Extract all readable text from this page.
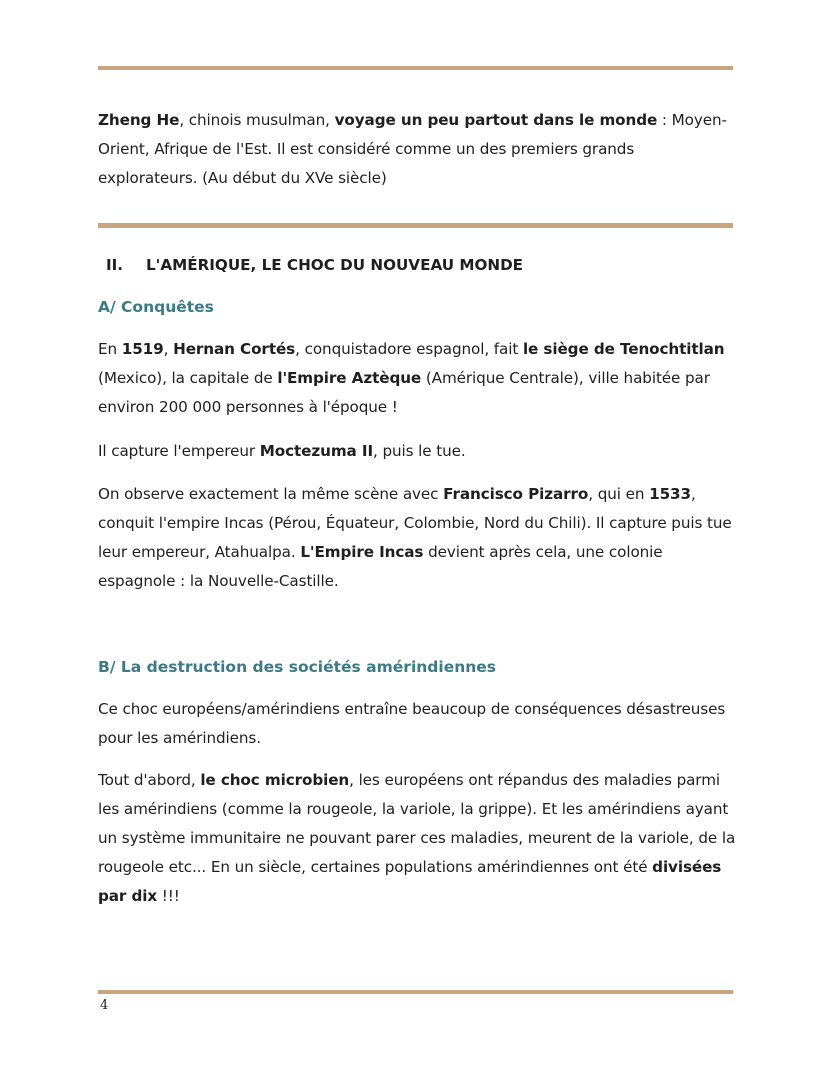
Zheng He, chinois musulman, voyage un peu partout dans le monde : Moyen-Orient, Afrique de l'Est. Il est considéré comme un des premiers grands explorateurs. (Au début du XVe siècle)

II. L'AMÉRIQUE, LE CHOC DU NOUVEAU MONDE
A/ Conquêtes

En 1519, Hernan Cortés, conquistadore espagnol, fait le siège de Tenochtitlan (Mexico), la capitale de l'Empire Aztèque (Amérique Centrale), ville habitée par environ 200 000 personnes à l'époque !

Il capture l'empereur Moctezuma II, puis le tue.

On observe exactement la même scène avec Francisco Pizarro, qui en 1533, conquit l'empire Incas (Pérou, Équateur, Colombie, Nord du Chili). Il capture puis tue leur empereur, Atahualpa. L'Empire Incas devient après cela, une colonie espagnole : la Nouvelle-Castille.

B/ La destruction des sociétés amérindiennes

Ce choc européens/amérindiens entraîne beaucoup de conséquences désastreuses pour les amérindiens.

Tout d'abord, le choc microbien, les européens ont répandus des maladies parmi les amérindiens (comme la rougeole, la variole, la grippe). Et les amérindiens ayant un système immunitaire ne pouvant parer ces maladies, meurent de la variole, de la rougeole etc... En un siècle, certaines populations amérindiennes ont été divisées par dix !!!

4
